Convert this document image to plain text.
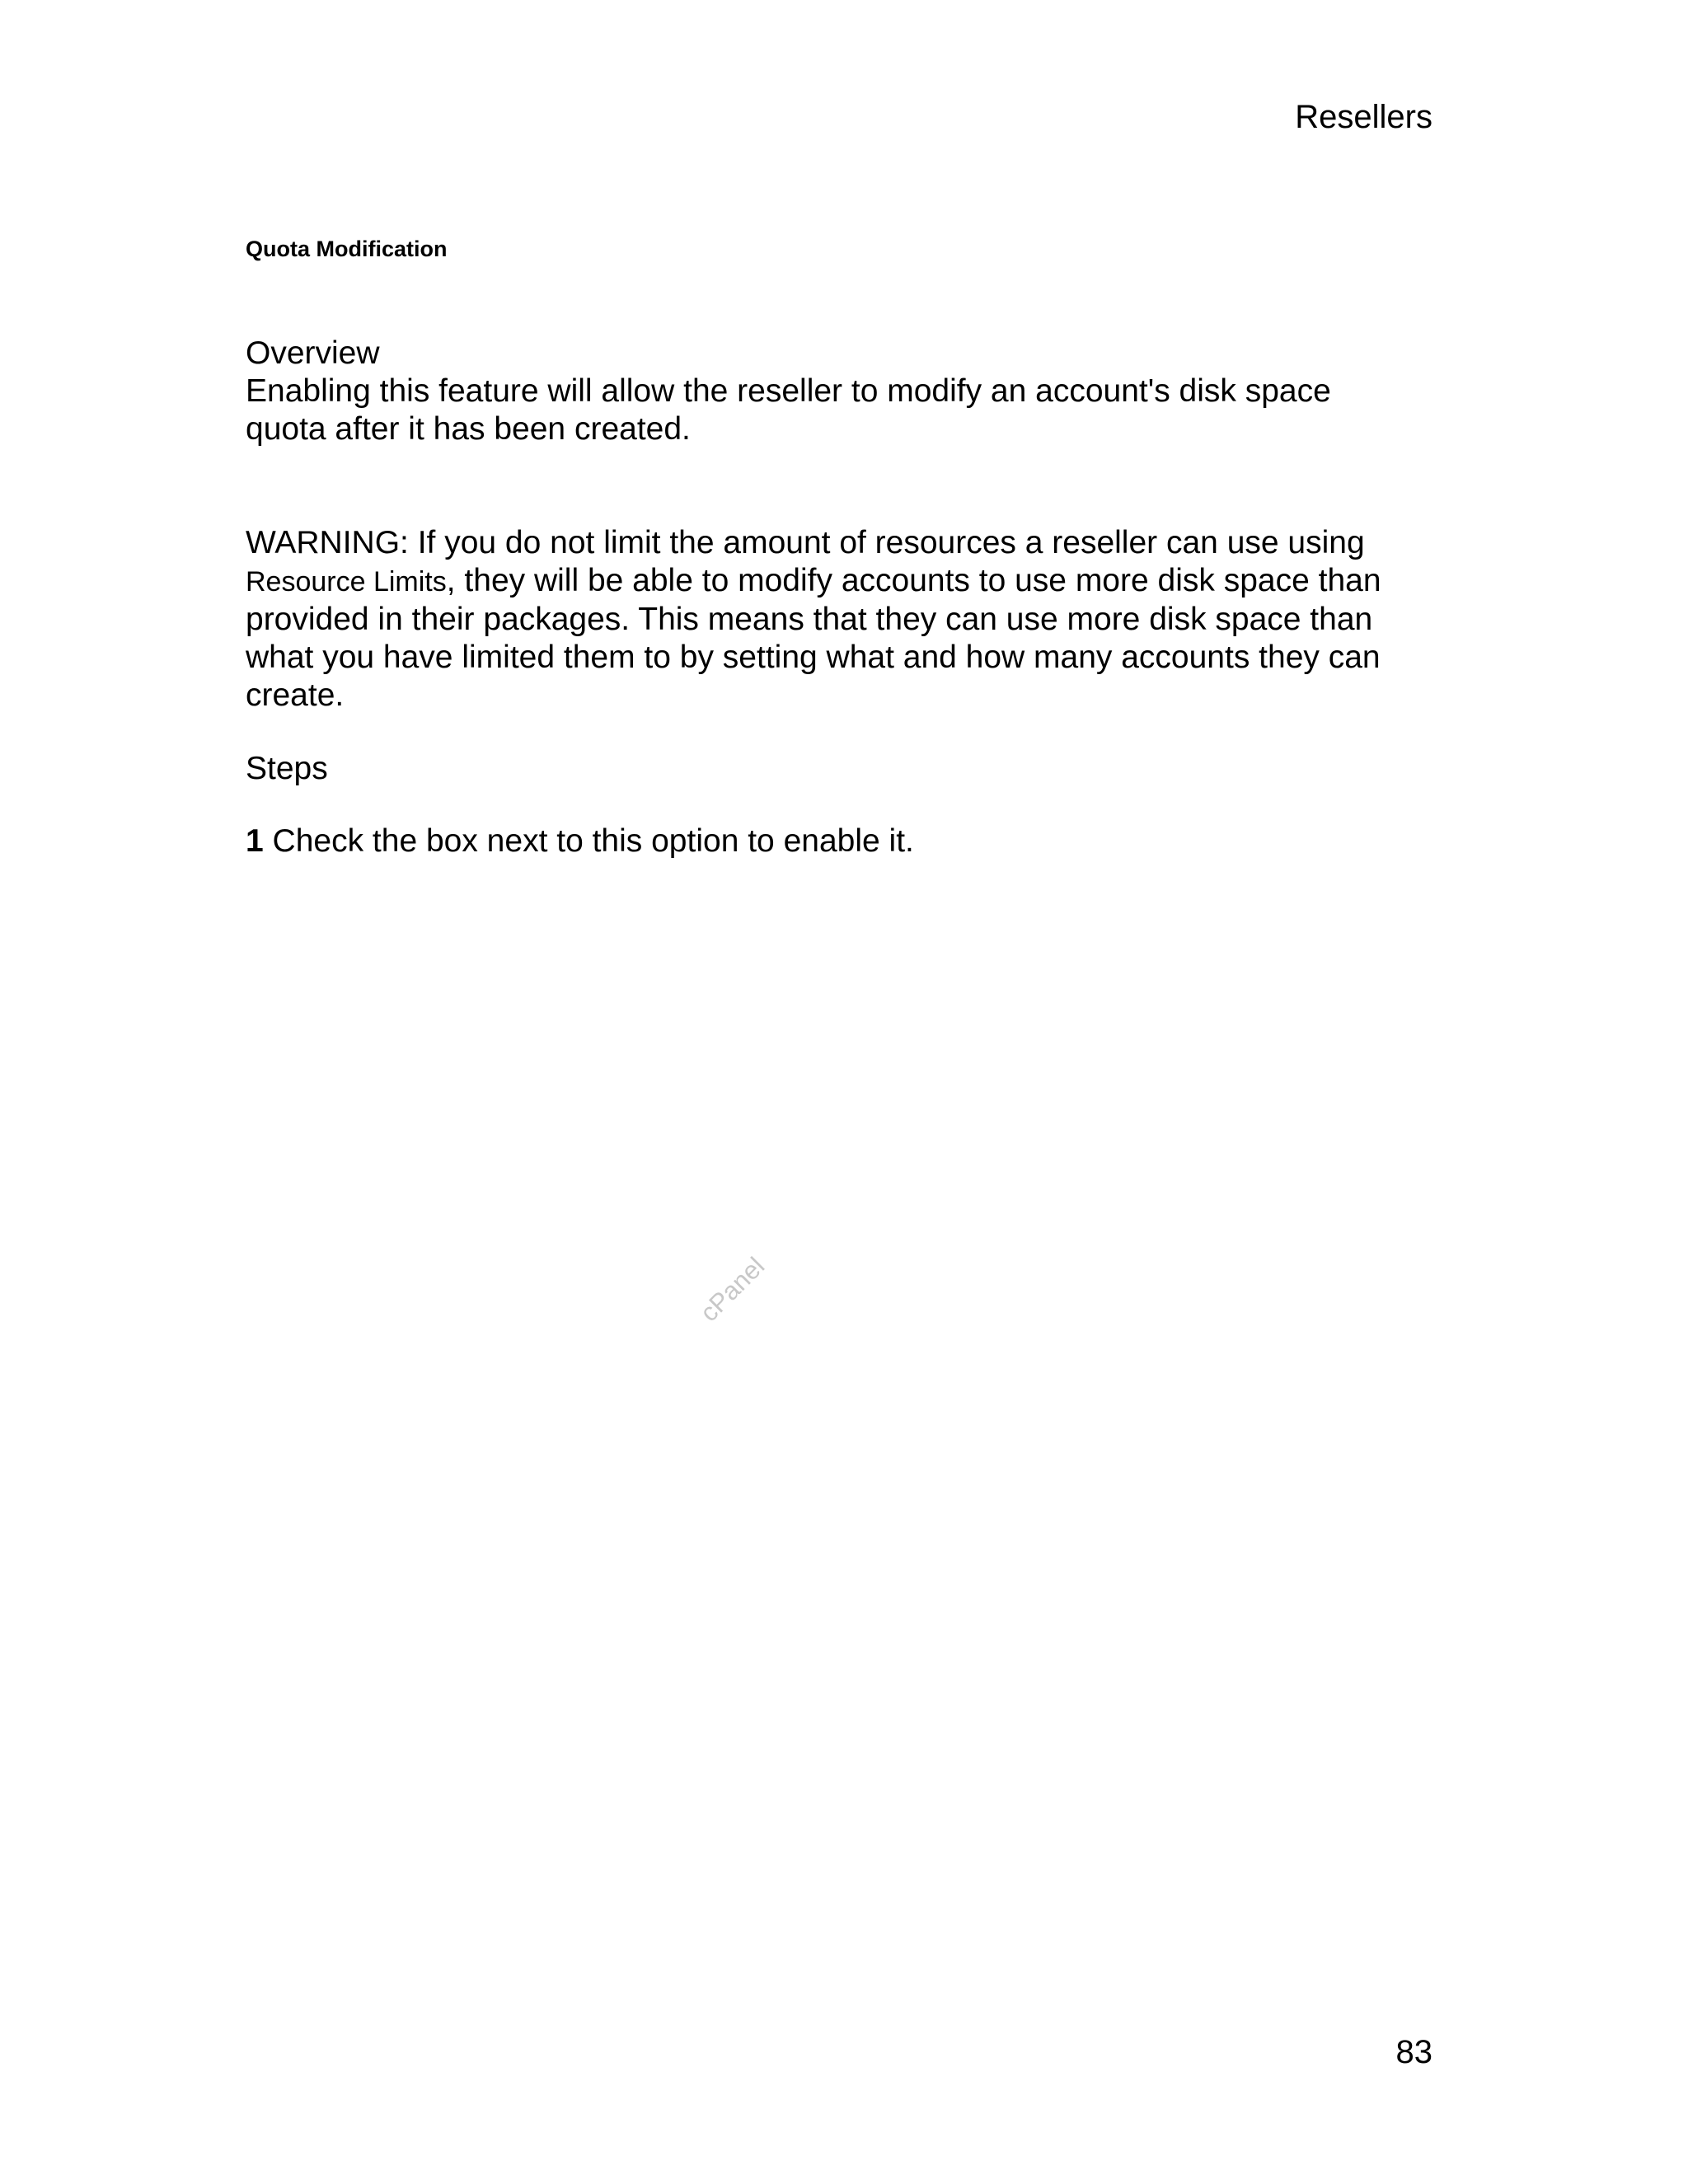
Resellers
Quota Modification
Overview
Enabling this feature will allow the reseller to modify an account's disk space
quota after it has been created.
WARNING: If you do not limit the amount of resources a reseller can use using
Resource Limits, they will be able to modify accounts to use more disk space than
provided in their packages. This means that they can use more disk space than
what you have limited them to by setting what and how many accounts they can
create.
Steps
1 Check the box next to this option to enable it.
cPanel
83
